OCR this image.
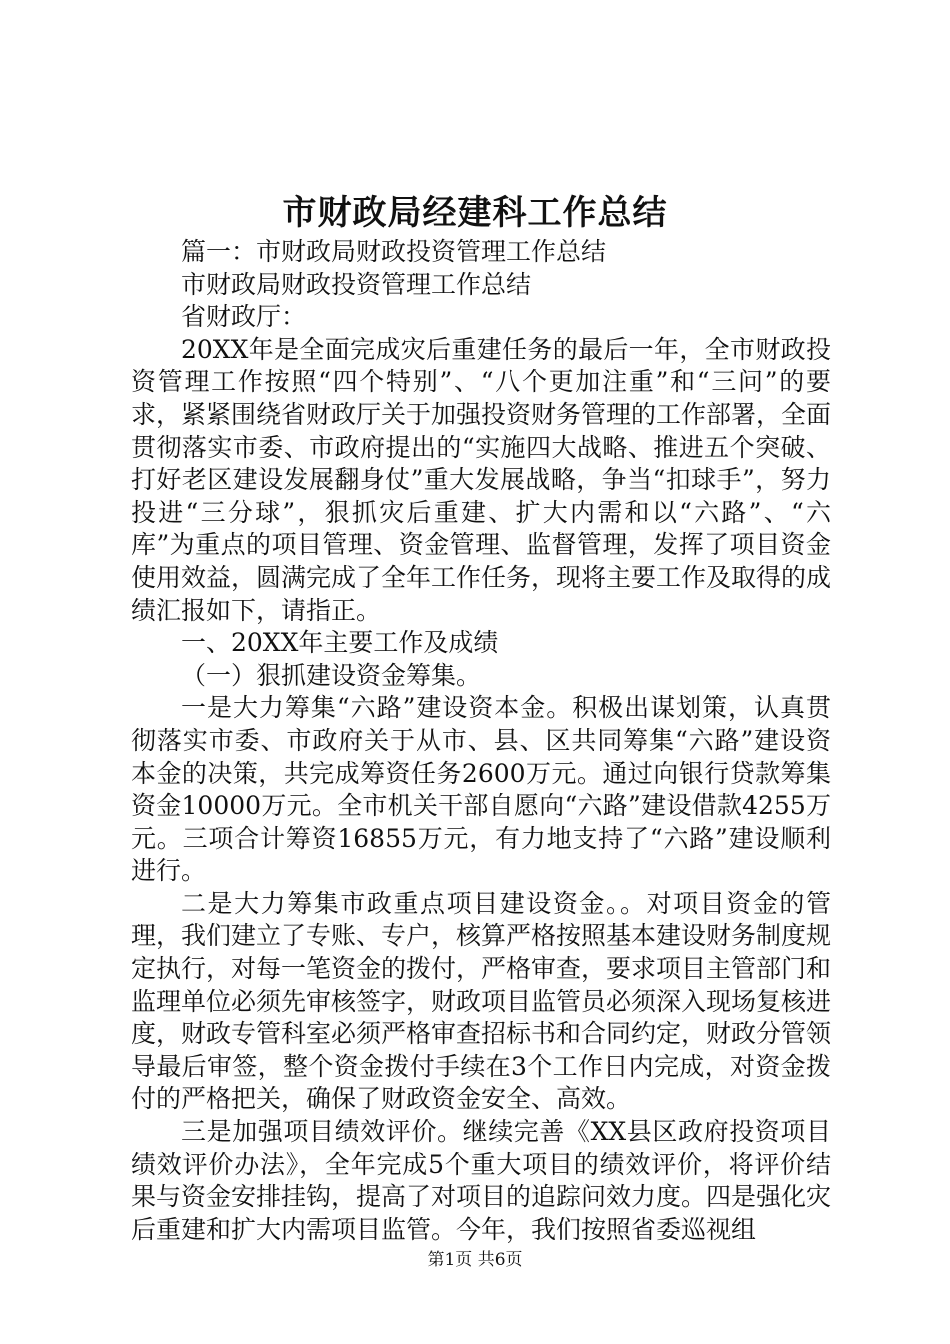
市财政局经建科工作总结

篇一：市财政局财政投资管理工作总结

市财政局财政投资管理工作总结

省财政厅：

20XX年是全面完成灾后重建任务的最后一年，全市财政投资管理工作按照“四个特别”、“八个更加注重”和“三问”的要求，紧紧围绕省财政厅关于加强投资财务管理的工作部署，全面贯彻落实市委、市政府提出的“实施四大战略、推进五个突破、打好老区建设发展翻身仗”重大发展战略，争当“扣球手”，努力投进“三分球”，狠抓灾后重建、扩大内需和以“六路”、“六库”为重点的项目管理、资金管理、监督管理，发挥了项目资金使用效益，圆满完成了全年工作任务，现将主要工作及取得的成绩汇报如下，请指正。

一、20XX年主要工作及成绩

（一）狠抓建设资金筹集。

一是大力筹集“六路”建设资本金。积极出谋划策，认真贯彻落实市委、市政府关于从市、县、区共同筹集“六路”建设资本金的决策，共完成筹资任务2600万元。通过向银行贷款筹集资金10000万元。全市机关干部自愿向“六路”建设借款4255万元。三项合计筹资16855万元，有力地支持了“六路”建设顺利进行。

二是大力筹集市政重点项目建设资金。。对项目资金的管理，我们建立了专账、专户，核算严格按照基本建设财务制度规定执行，对每一笔资金的拨付，严格审查，要求项目主管部门和监理单位必须先审核签字，财政项目监管员必须深入现场复核进度，财政专管科室必须严格审查招标书和合同约定，财政分管领导最后审签，整个资金拨付手续在3个工作日内完成，对资金拨付的严格把关，确保了财政资金安全、高效。

三是加强项目绩效评价。继续完善《XX县区政府投资项目绩效评价办法》，全年完成5个重大项目的绩效评价，将评价结果与资金安排挂钩，提高了对项目的追踪问效力度。四是强化灾后重建和扩大内需项目监管。今年，我们按照省委巡视组

第1页 共6页
